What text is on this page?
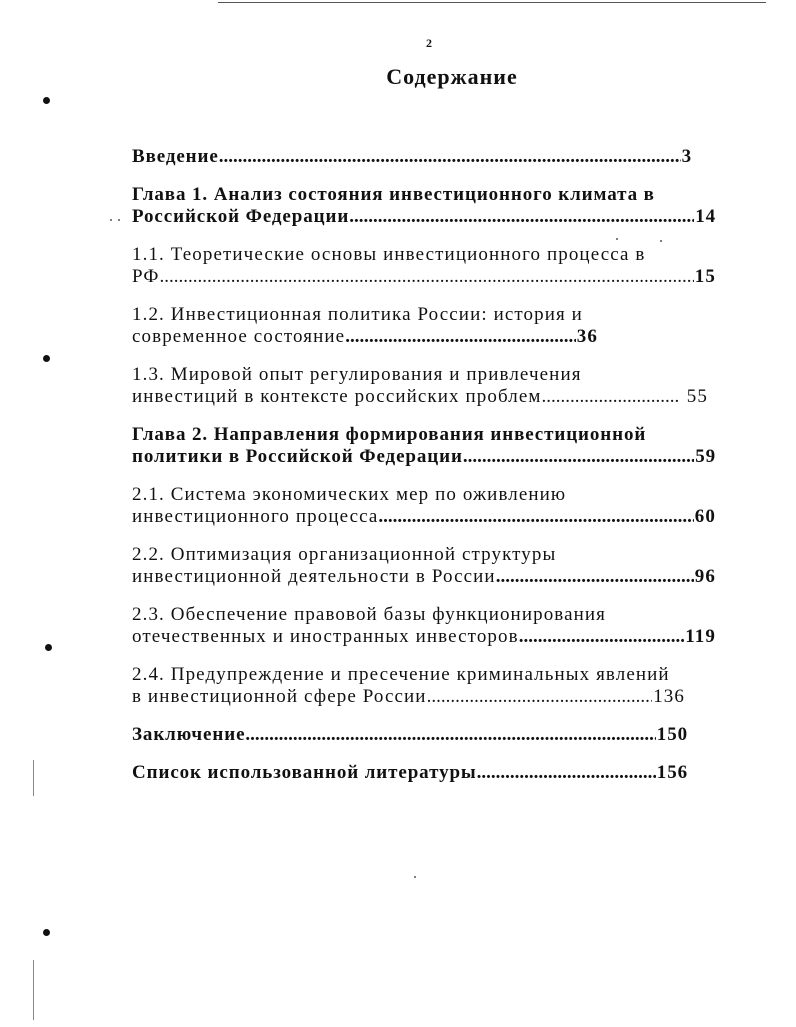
2
Содержание
Введение .....	3
Глава 1. Анализ состояния инвестиционного климата в
Российской Федерации .....	14
1.1. Теоретические основы инвестиционного процесса в
РФ .....	15
1.2. Инвестиционная политика России: история и
современное состояние .....	36
1.3. Мировой опыт регулирования и привлечения
инвестиций в контексте российских проблем .....	55
Глава 2. Направления формирования инвестиционной
политики в Российской Федерации .....	59
2.1. Система экономических мер по оживлению
инвестиционного процесса .....	60
2.2. Оптимизация организационной структуры
инвестиционной деятельности в России .....	96
2.3. Обеспечение правовой базы функционирования
отечественных и иностранных инвесторов .....	119
2.4. Предупреждение и пресечение криминальных явлений
в инвестиционной сфере России .....	136
Заключение .....	150
Список использованной литературы .....	156
